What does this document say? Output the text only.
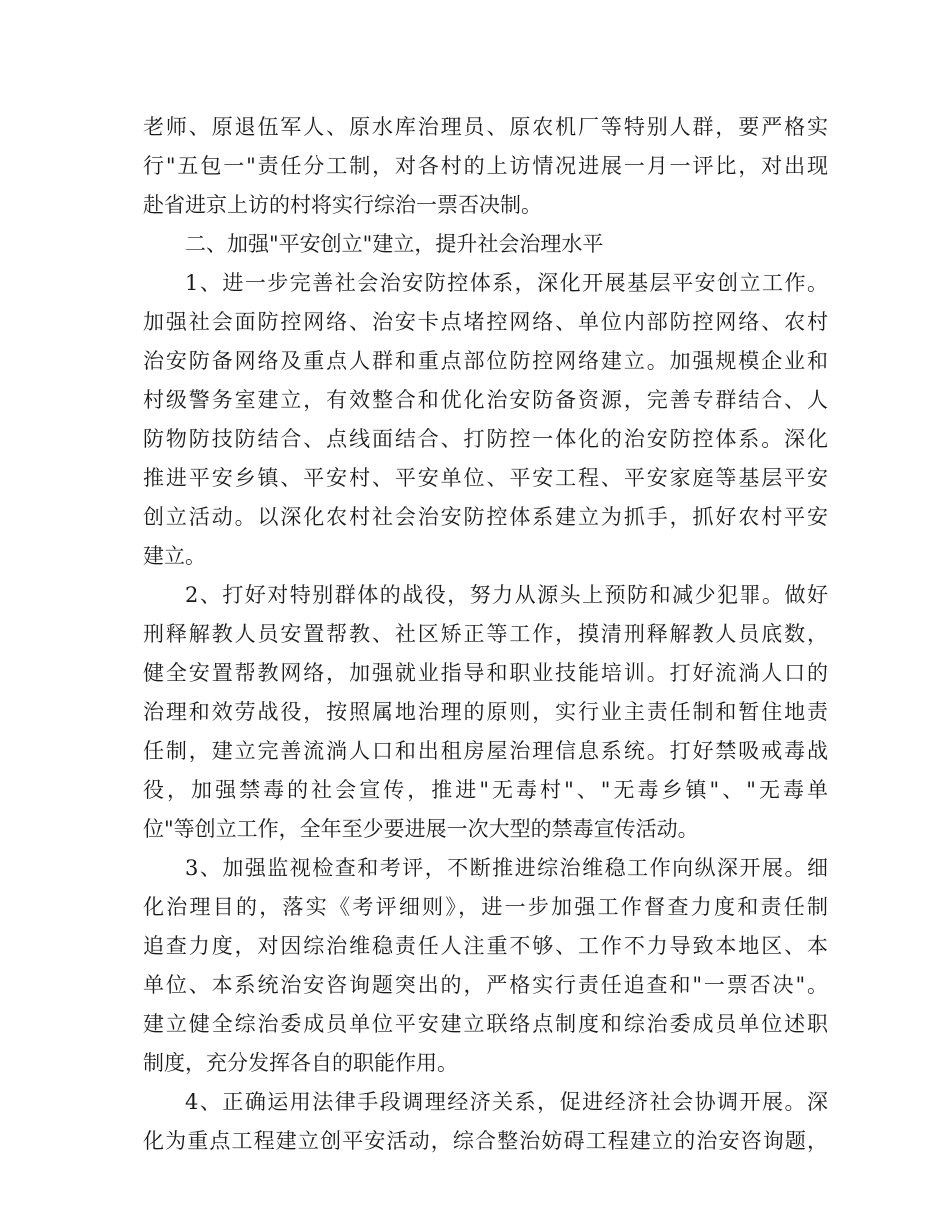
老师、原退伍军人、原水库治理员、原农机厂等特别人群，要严格实
行"五包一"责任分工制，对各村的上访情况进展一月一评比，对出现
赴省进京上访的村将实行综治一票否决制。
二、加强"平安创立"建立，提升社会治理水平
1、进一步完善社会治安防控体系，深化开展基层平安创立工作。
加强社会面防控网络、治安卡点堵控网络、单位内部防控网络、农村
治安防备网络及重点人群和重点部位防控网络建立。加强规模企业和
村级警务室建立，有效整合和优化治安防备资源，完善专群结合、人
防物防技防结合、点线面结合、打防控一体化的治安防控体系。深化
推进平安乡镇、平安村、平安单位、平安工程、平安家庭等基层平安
创立活动。以深化农村社会治安防控体系建立为抓手，抓好农村平安
建立。
2、打好对特别群体的战役，努力从源头上预防和减少犯罪。做好
刑释解教人员安置帮教、社区矫正等工作，摸清刑释解教人员底数，
健全安置帮教网络，加强就业指导和职业技能培训。打好流淌人口的
治理和效劳战役，按照属地治理的原则，实行业主责任制和暂住地责
任制，建立完善流淌人口和出租房屋治理信息系统。打好禁吸戒毒战
役，加强禁毒的社会宣传，推进"无毒村"、"无毒乡镇"、"无毒单
位"等创立工作，全年至少要进展一次大型的禁毒宣传活动。
3、加强监视检查和考评，不断推进综治维稳工作向纵深开展。细
化治理目的，落实《考评细则》，进一步加强工作督查力度和责任制
追查力度，对因综治维稳责任人注重不够、工作不力导致本地区、本
单位、本系统治安咨询题突出的，严格实行责任追查和"一票否决"。
建立健全综治委成员单位平安建立联络点制度和综治委成员单位述职
制度，充分发挥各自的职能作用。
4、正确运用法律手段调理经济关系，促进经济社会协调开展。深
化为重点工程建立创平安活动，综合整治妨碍工程建立的治安咨询题，
